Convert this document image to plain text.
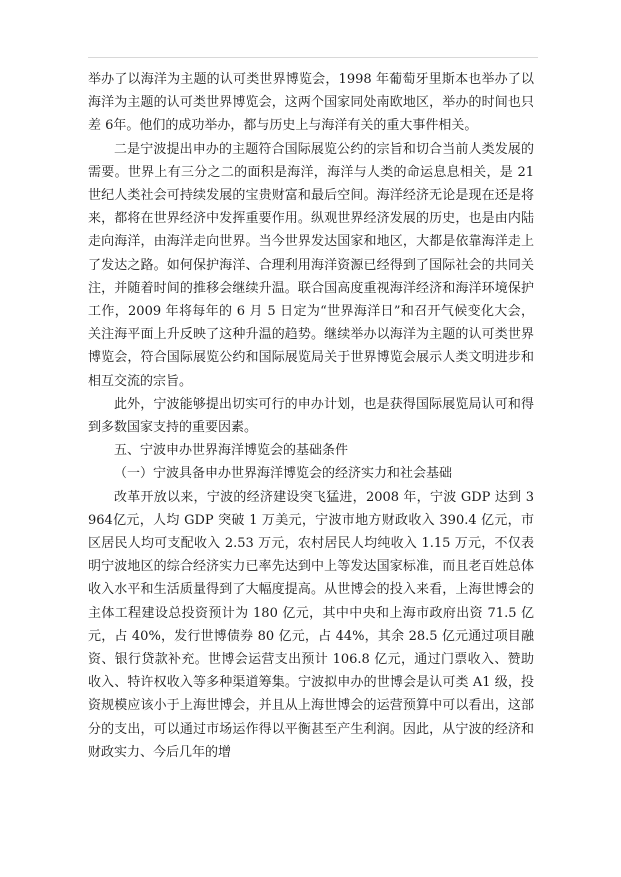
举办了以海洋为主题的认可类世界博览会，1998 年葡萄牙里斯本也举办了以海洋为主题的认可类世界博览会，这两个国家同处南欧地区，举办的时间也只差 6年。他们的成功举办，都与历史上与海洋有关的重大事件相关。

二是宁波提出申办的主题符合国际展览公约的宗旨和切合当前人类发展的需要。世界上有三分之二的面积是海洋，海洋与人类的命运息息相关，是 21 世纪人类社会可持续发展的宝贵财富和最后空间。海洋经济无论是现在还是将来，都将在世界经济中发挥重要作用。纵观世界经济发展的历史，也是由内陆走向海洋，由海洋走向世界。当今世界发达国家和地区，大都是依靠海洋走上了发达之路。如何保护海洋、合理利用海洋资源已经得到了国际社会的共同关注，并随着时间的推移会继续升温。联合国高度重视海洋经济和海洋环境保护工作，2009 年将每年的 6 月 5 日定为“世界海洋日”和召开气候变化大会，关注海平面上升反映了这种升温的趋势。继续举办以海洋为主题的认可类世界博览会，符合国际展览公约和国际展览局关于世界博览会展示人类文明进步和相互交流的宗旨。

此外，宁波能够提出切实可行的申办计划，也是获得国际展览局认可和得到多数国家支持的重要因素。

五、宁波申办世界海洋博览会的基础条件

（一）宁波具备申办世界海洋博览会的经济实力和社会基础

改革开放以来，宁波的经济建设突飞猛进，2008 年，宁波 GDP 达到 3964亿元，人均 GDP 突破 1 万美元，宁波市地方财政收入 390.4 亿元，市区居民人均可支配收入 2.53 万元，农村居民人均纯收入 1.15 万元，不仅表明宁波地区的综合经济实力已率先达到中上等发达国家标准，而且老百姓总体收入水平和生活质量得到了大幅度提高。从世博会的投入来看，上海世博会的主体工程建设总投资预计为 180 亿元，其中中央和上海市政府出资 71.5 亿元，占 40%，发行世博债券 80 亿元，占 44%，其余 28.5 亿元通过项目融资、银行贷款补充。世博会运营支出预计 106.8 亿元，通过门票收入、赞助收入、特许权收入等多种渠道筹集。宁波拟申办的世博会是认可类 A1 级，投资规模应该小于上海世博会，并且从上海世博会的运营预算中可以看出，这部分的支出，可以通过市场运作得以平衡甚至产生利润。因此，从宁波的经济和财政实力、今后几年的增
